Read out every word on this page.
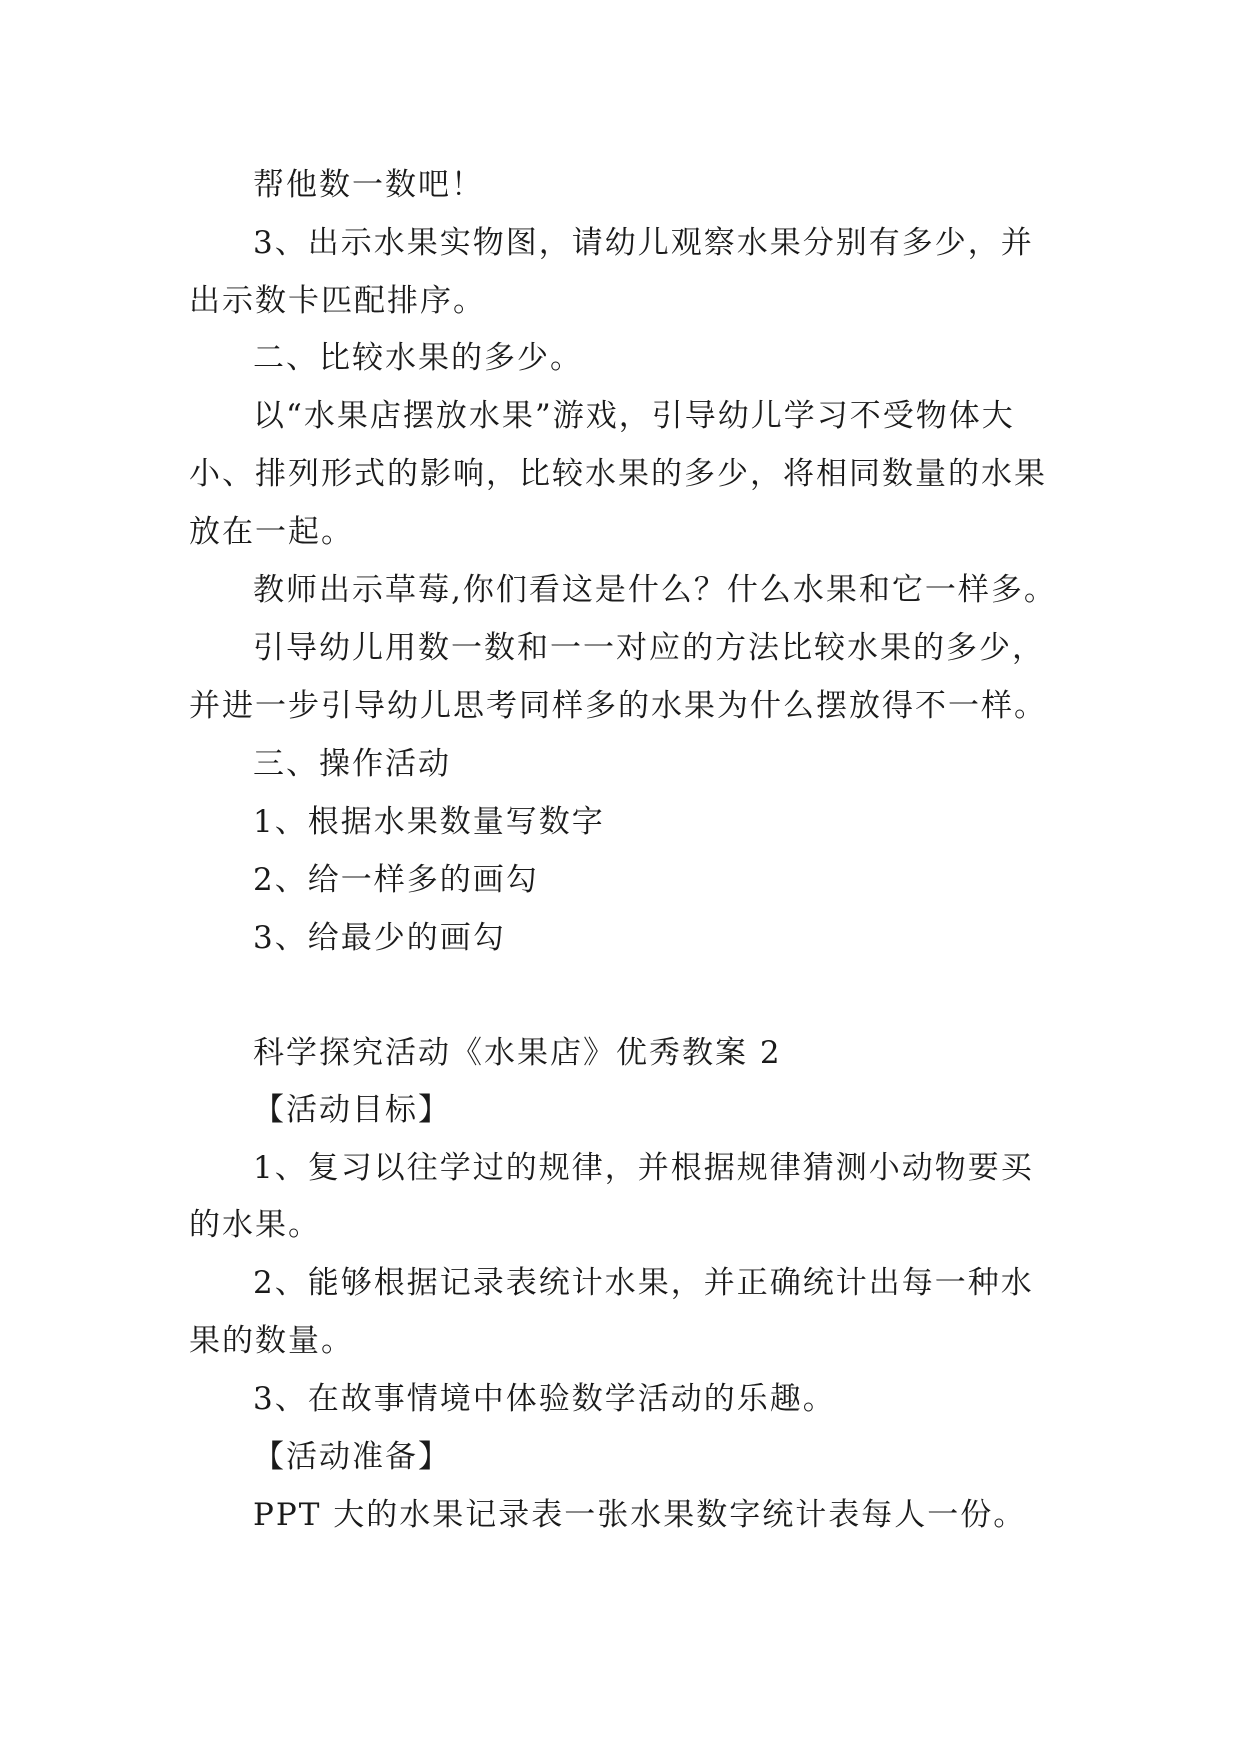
帮他数一数吧！
3、出示水果实物图，请幼儿观察水果分别有多少，并
出示数卡匹配排序。
二、比较水果的多少。
以“水果店摆放水果”游戏，引导幼儿学习不受物体大
小、排列形式的影响，比较水果的多少，将相同数量的水果
放在一起。
教师出示草莓,你们看这是什么？什么水果和它一样多。
引导幼儿用数一数和一一对应的方法比较水果的多少，
并进一步引导幼儿思考同样多的水果为什么摆放得不一样。
三、操作活动
1、根据水果数量写数字
2、给一样多的画勾
3、给最少的画勾
科学探究活动《水果店》优秀教案 2
【活动目标】
1、复习以往学过的规律，并根据规律猜测小动物要买
的水果。
2、能够根据记录表统计水果，并正确统计出每一种水
果的数量。
3、在故事情境中体验数学活动的乐趣。
【活动准备】
PPT 大的水果记录表一张水果数字统计表每人一份。
